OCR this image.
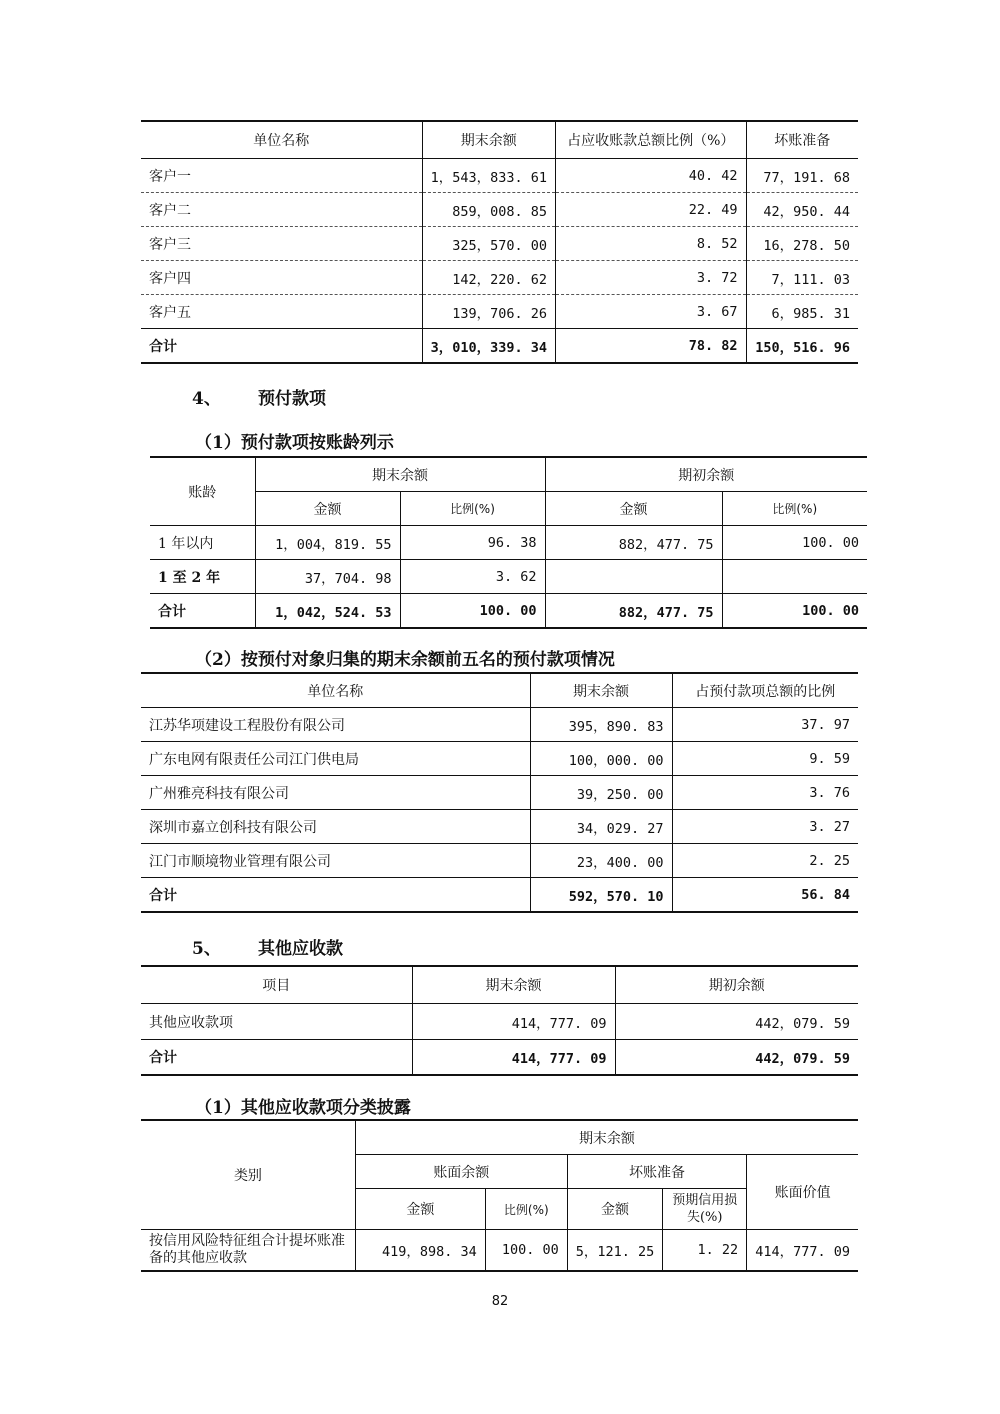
单位名称	期末余额	占应收账款总额比例（%）	坏账准备
客户一	1，543，833. 61	40. 42	77，191. 68
客户二	859，008. 85	22. 49	42，950. 44
客户三	325，570. 00	8. 52	16，278. 50
客户四	142，220. 62	3. 72	7，111. 03
客户五	139，706. 26	3. 67	6，985. 31
合计	3，010，339. 34	78. 82	150，516. 96
4、 预付款项
（1）预付款项按账龄列示
账龄	期末余额		期初余额	
	金额	比例(%)	金额	比例(%)
1 年以内	1，004，819. 55	96. 38	882，477. 75	100. 00
1 至 2 年	37，704. 98	3. 62		
合计	1，042，524. 53	100. 00	882，477. 75	100. 00
（2）按预付对象归集的期末余额前五名的预付款项情况
单位名称	期末余额	占预付款项总额的比例
江苏华项建设工程股份有限公司	395，890. 83	37. 97
广东电网有限责任公司江门供电局	100，000. 00	9. 59
广州雅亮科技有限公司	39，250. 00	3. 76
深圳市嘉立创科技有限公司	34，029. 27	3. 27
江门市顺境物业管理有限公司	23，400. 00	2. 25
合计	592，570. 10	56. 84
5、 其他应收款
项目	期末余额	期初余额
其他应收款项	414，777. 09	442，079. 59
合计	414，777. 09	442，079. 59
（1）其他应收款项分类披露
类别	期末余额				
	账面余额		坏账准备		账面价值
	金额	比例(%)	金额	预期信用损失(%)	
按信用风险特征组合计提坏账准备的其他应收款	419，898. 34	100. 00	5，121. 25	1. 22	414，777. 09
82
